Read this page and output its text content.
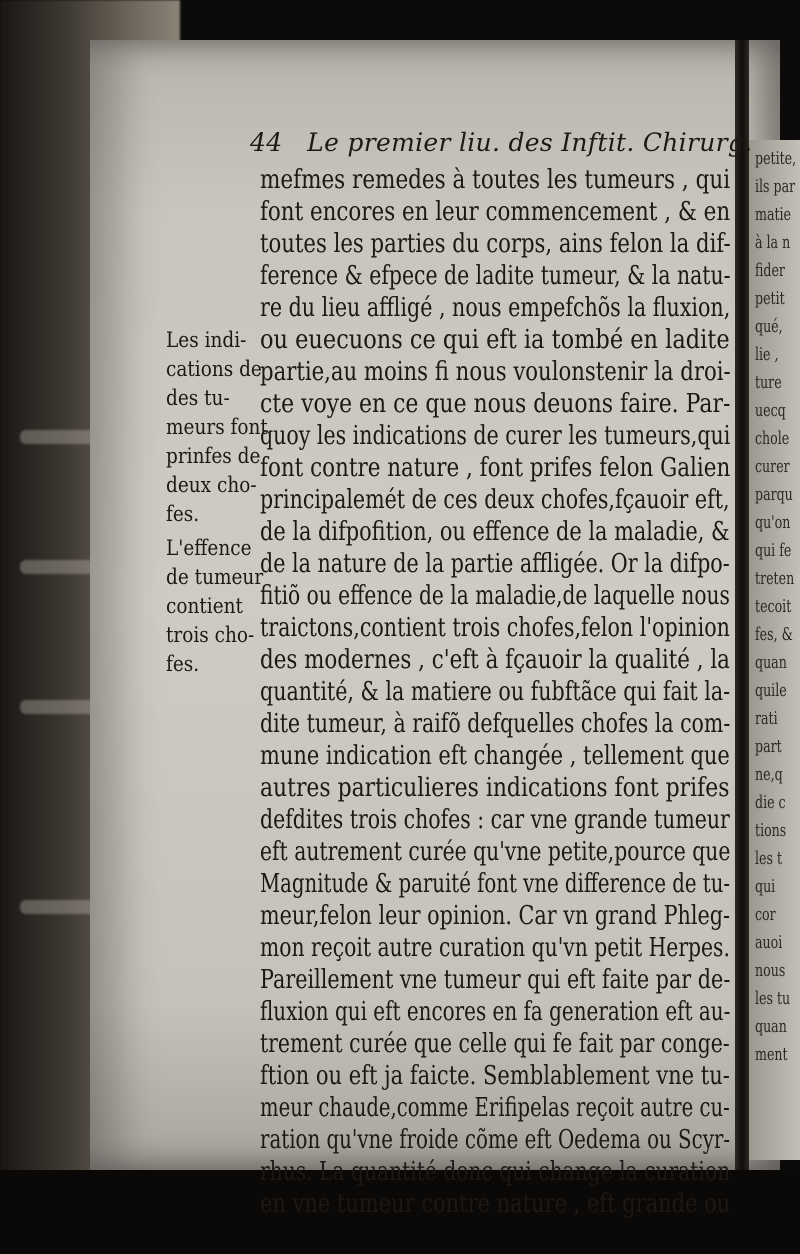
petite,
ils par
matie
à la n
fider
petit
qué,
lie ,
ture
uecq
chole
curer
parqu
qu'on
qui fe
treten
tecoit
fes, &
quan
quile
rati
part
ne,q
die c
tions
les t
qui
cor
auoi
nous
les tu
quan
ment
44 Le premier liu. des Inftit. Chirurg.
Les indi-
cations de
des tu-
meurs font
prinfes de
deux cho-
fes.
L'effence
de tumeur
contient
trois cho-
fes.
mefmes remedes à toutes les tumeurs , qui
font encores en leur commencement , & en
toutes les parties du corps, ains felon la dif-
ference & efpece de ladite tumeur, & la natu-
re du lieu affligé , nous empefchõs la fluxion,
ou euecuons ce qui eft ia tombé en ladite
partie,au moins fi nous voulonstenir la droi-
cte voye en ce que nous deuons faire. Par-
quoy les indications de curer les tumeurs,qui
font contre nature , font prifes felon Galien
principalemét de ces deux chofes,fçauoir eft,
de la difpofition, ou effence de la maladie, &
de la nature de la partie affligée. Or la difpo-
fitiõ ou effence de la maladie,de laquelle nous
traictons,contient trois chofes,felon l'opinion
des modernes , c'eft à fçauoir la qualité , la
quantité, & la matiere ou fubftãce qui fait la-
dite tumeur, à raifõ defquelles chofes la com-
mune indication eft changée , tellement que
autres particulieres indications font prifes
defdites trois chofes : car vne grande tumeur
eft autrement curée qu'vne petite,pource que
Magnitude & paruité font vne difference de tu-
meur,felon leur opinion. Car vn grand Phleg-
mon reçoit autre curation qu'vn petit Herpes.
Pareillement vne tumeur qui eft faite par de-
fluxion qui eft encores en fa generation eft au-
trement curée que celle qui fe fait par conge-
ftion ou eft ja faicte. Semblablement vne tu-
meur chaude,comme Erifipelas reçoit autre cu-
ration qu'vne froide cõme eft Oedema ou Scyr-
rhus. La quantité donc qui change la curation
en vne tumeur contre nature , eft grande ou
